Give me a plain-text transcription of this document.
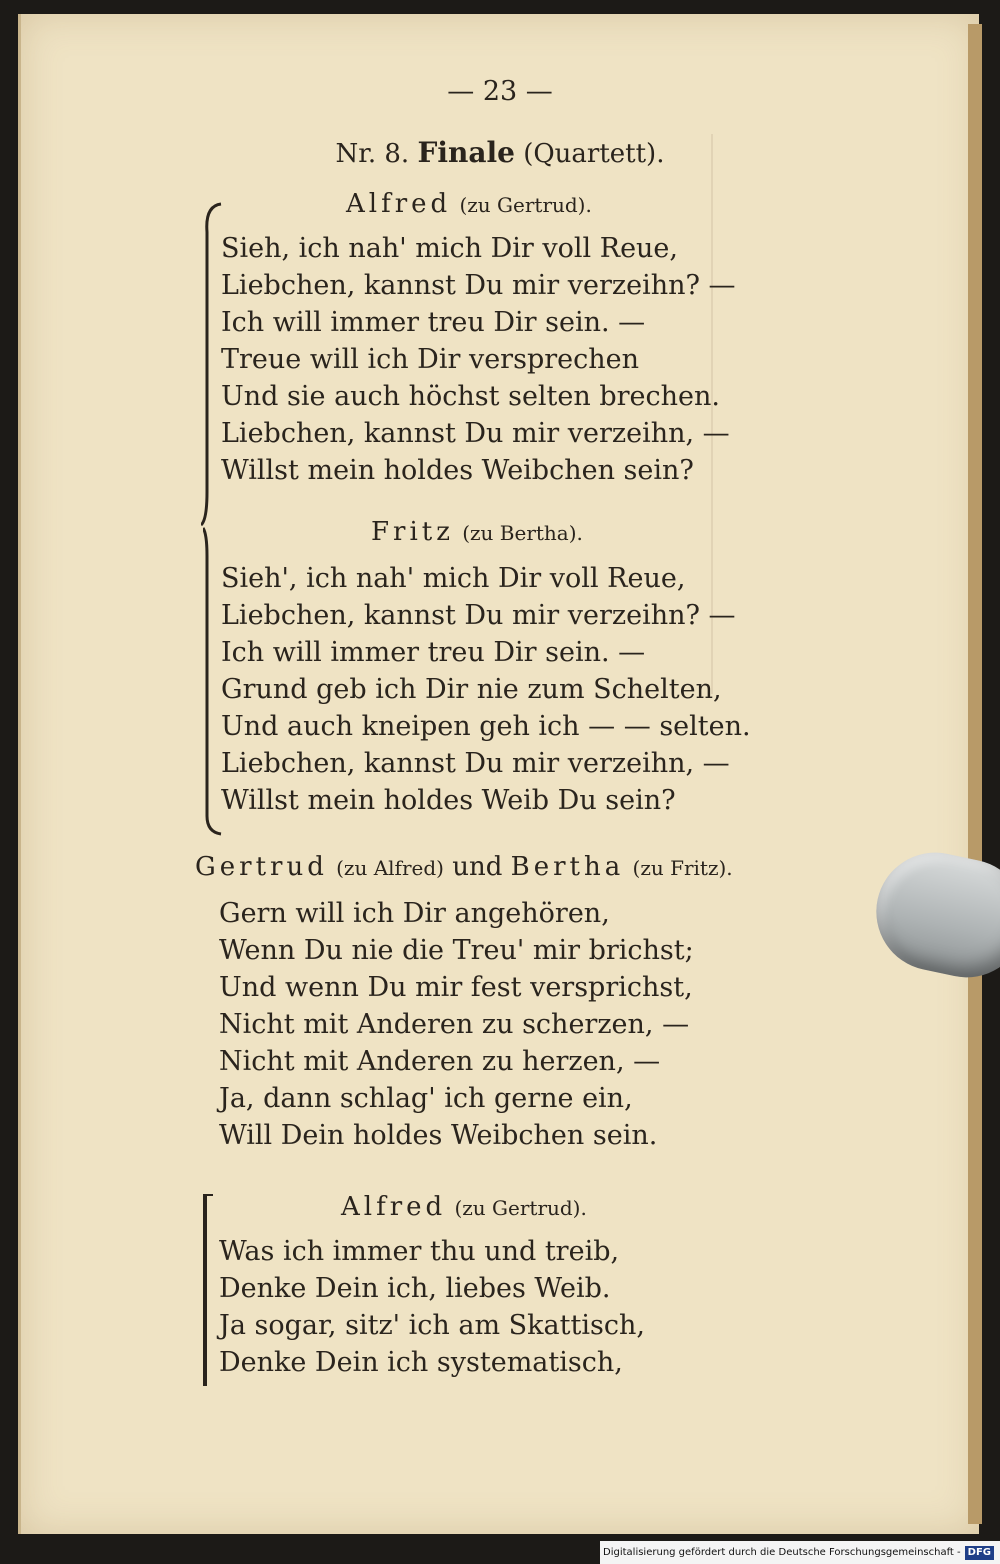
— 23 —
Nr. 8. Finale (Quartett).
Alfred (zu Gertrud).
Sieh, ich nah' mich Dir voll Reue,
Liebchen, kannst Du mir verzeihn? —
Ich will immer treu Dir sein. —
Treue will ich Dir versprechen
Und sie auch höchst selten brechen.
Liebchen, kannst Du mir verzeihn, —
Willst mein holdes Weibchen sein?
Fritz (zu Bertha).
Sieh', ich nah' mich Dir voll Reue,
Liebchen, kannst Du mir verzeihn? —
Ich will immer treu Dir sein. —
Grund geb ich Dir nie zum Schelten,
Und auch kneipen geh ich — — selten.
Liebchen, kannst Du mir verzeihn, —
Willst mein holdes Weib Du sein?
Gertrud (zu Alfred) und Bertha (zu Fritz).
Gern will ich Dir angehören,
Wenn Du nie die Treu' mir brichst;
Und wenn Du mir fest versprichst,
Nicht mit Anderen zu scherzen, —
Nicht mit Anderen zu herzen, —
Ja, dann schlag' ich gerne ein,
Will Dein holdes Weibchen sein.
Alfred (zu Gertrud).
Was ich immer thu und treib,
Denke Dein ich, liebes Weib.
Ja sogar, sitz' ich am Skattisch,
Denke Dein ich systematisch,
Digitalisierung gefördert durch die Deutsche Forschungsgemeinschaft - DFG
